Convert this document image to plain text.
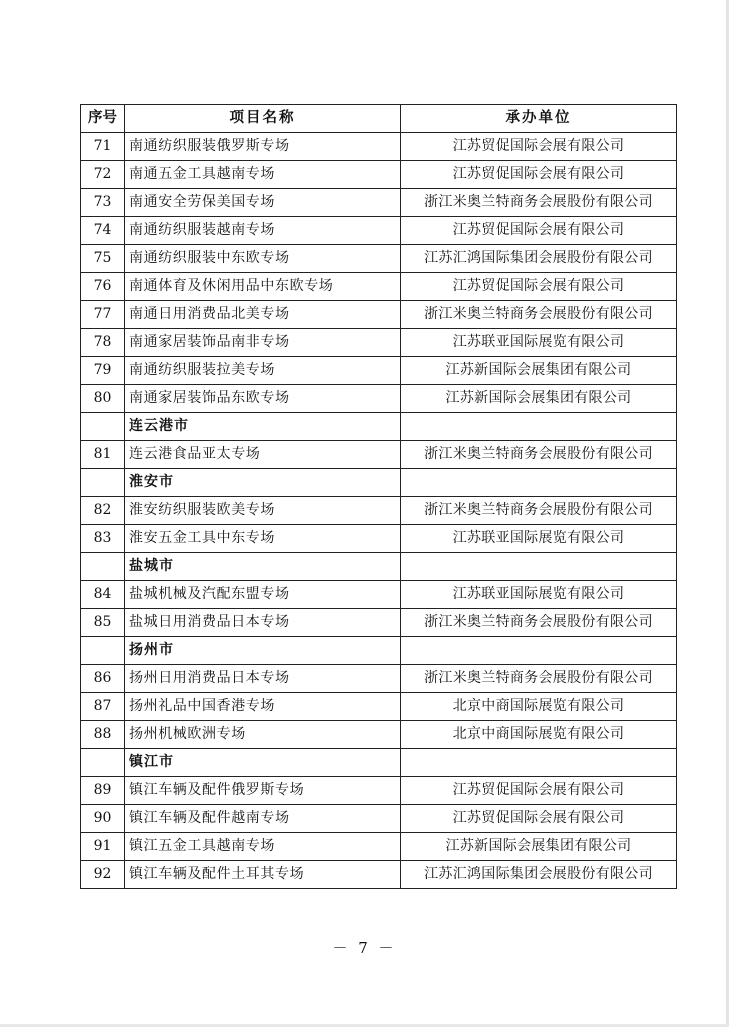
序号	项目名称	承办单位
71	南通纺织服装俄罗斯专场	江苏贸促国际会展有限公司
72	南通五金工具越南专场	江苏贸促国际会展有限公司
73	南通安全劳保美国专场	浙江米奥兰特商务会展股份有限公司
74	南通纺织服装越南专场	江苏贸促国际会展有限公司
75	南通纺织服装中东欧专场	江苏汇鸿国际集团会展股份有限公司
76	南通体育及休闲用品中东欧专场	江苏贸促国际会展有限公司
77	南通日用消费品北美专场	浙江米奥兰特商务会展股份有限公司
78	南通家居装饰品南非专场	江苏联亚国际展览有限公司
79	南通纺织服装拉美专场	江苏新国际会展集团有限公司
80	南通家居装饰品东欧专场	江苏新国际会展集团有限公司
	连云港市	
81	连云港食品亚太专场	浙江米奥兰特商务会展股份有限公司
	淮安市	
82	淮安纺织服装欧美专场	浙江米奥兰特商务会展股份有限公司
83	淮安五金工具中东专场	江苏联亚国际展览有限公司
	盐城市	
84	盐城机械及汽配东盟专场	江苏联亚国际展览有限公司
85	盐城日用消费品日本专场	浙江米奥兰特商务会展股份有限公司
	扬州市	
86	扬州日用消费品日本专场	浙江米奥兰特商务会展股份有限公司
87	扬州礼品中国香港专场	北京中商国际展览有限公司
88	扬州机械欧洲专场	北京中商国际展览有限公司
	镇江市	
89	镇江车辆及配件俄罗斯专场	江苏贸促国际会展有限公司
90	镇江车辆及配件越南专场	江苏贸促国际会展有限公司
91	镇江五金工具越南专场	江苏新国际会展集团有限公司
92	镇江车辆及配件土耳其专场	江苏汇鸿国际集团会展股份有限公司
－ 7 －
